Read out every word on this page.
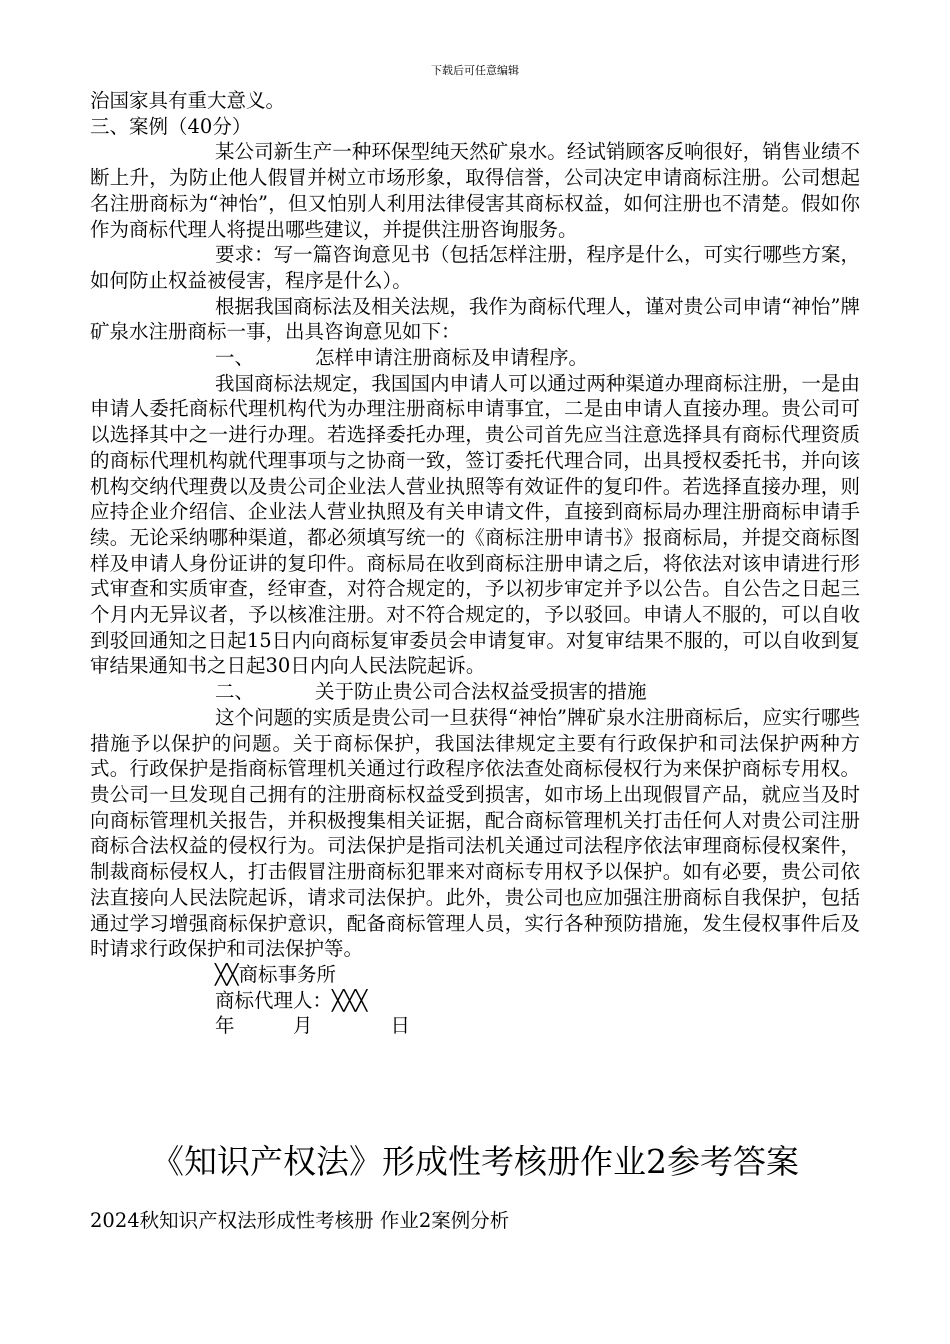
下载后可任意编辑

治国家具有重大意义。

三、案例（40分）

某公司新生产一种环保型纯天然矿泉水。经试销顾客反响很好，销售业绩不断上升，为防止他人假冒并树立市场形象，取得信誉，公司决定申请商标注册。公司想起名注册商标为“神怡”，但又怕别人利用法律侵害其商标权益，如何注册也不清楚。假如你作为商标代理人将提出哪些建议，并提供注册咨询服务。

要求：写一篇咨询意见书（包括怎样注册，程序是什么，可实行哪些方案，如何防止权益被侵害，程序是什么）。

根据我国商标法及相关法规，我作为商标代理人，谨对贵公司申请“神怡”牌矿泉水注册商标一事，出具咨询意见如下：

一、	怎样申请注册商标及申请程序。

我国商标法规定，我国国内申请人可以通过两种渠道办理商标注册，一是由申请人委托商标代理机构代为办理注册商标申请事宜，二是由申请人直接办理。贵公司可以选择其中之一进行办理。若选择委托办理，贵公司首先应当注意选择具有商标代理资质的商标代理机构就代理事项与之协商一致，签订委托代理合同，出具授权委托书，并向该机构交纳代理费以及贵公司企业法人营业执照等有效证件的复印件。若选择直接办理，则应持企业介绍信、企业法人营业执照及有关申请文件，直接到商标局办理注册商标申请手续。无论采纳哪种渠道，都必须填写统一的《商标注册申请书》报商标局，并提交商标图样及申请人身份证讲的复印件。商标局在收到商标注册申请之后，将依法对该申请进行形式审查和实质审查，经审查，对符合规定的，予以初步审定并予以公告。自公告之日起三个月内无异议者，予以核准注册。对不符合规定的，予以驳回。申请人不服的，可以自收到驳回通知之日起15日内向商标复审委员会申请复审。对复审结果不服的，可以自收到复审结果通知书之日起30日内向人民法院起诉。

二、	关于防止贵公司合法权益受损害的措施

这个问题的实质是贵公司一旦获得“神怡”牌矿泉水注册商标后，应实行哪些措施予以保护的问题。关于商标保护，我国法律规定主要有行政保护和司法保护两种方式。行政保护是指商标管理机关通过行政程序依法查处商标侵权行为来保护商标专用权。贵公司一旦发现自己拥有的注册商标权益受到损害，如市场上出现假冒产品，就应当及时向商标管理机关报告，并积极搜集相关证据，配合商标管理机关打击任何人对贵公司注册商标合法权益的侵权行为。司法保护是指司法机关通过司法程序依法审理商标侵权案件，制裁商标侵权人，打击假冒注册商标犯罪来对商标专用权予以保护。如有必要，贵公司依法直接向人民法院起诉，请求司法保护。此外，贵公司也应加强注册商标自我保护，包括通过学习增强商标保护意识，配备商标管理人员，实行各种预防措施，发生侵权事件后及时请求行政保护和司法保护等。

╳╳商标事务所
商标代理人：╳╳╳
年　　　月　　　　日
《知识产权法》形成性考核册作业2参考答案
2024秋知识产权法形成性考核册 作业2案例分析
